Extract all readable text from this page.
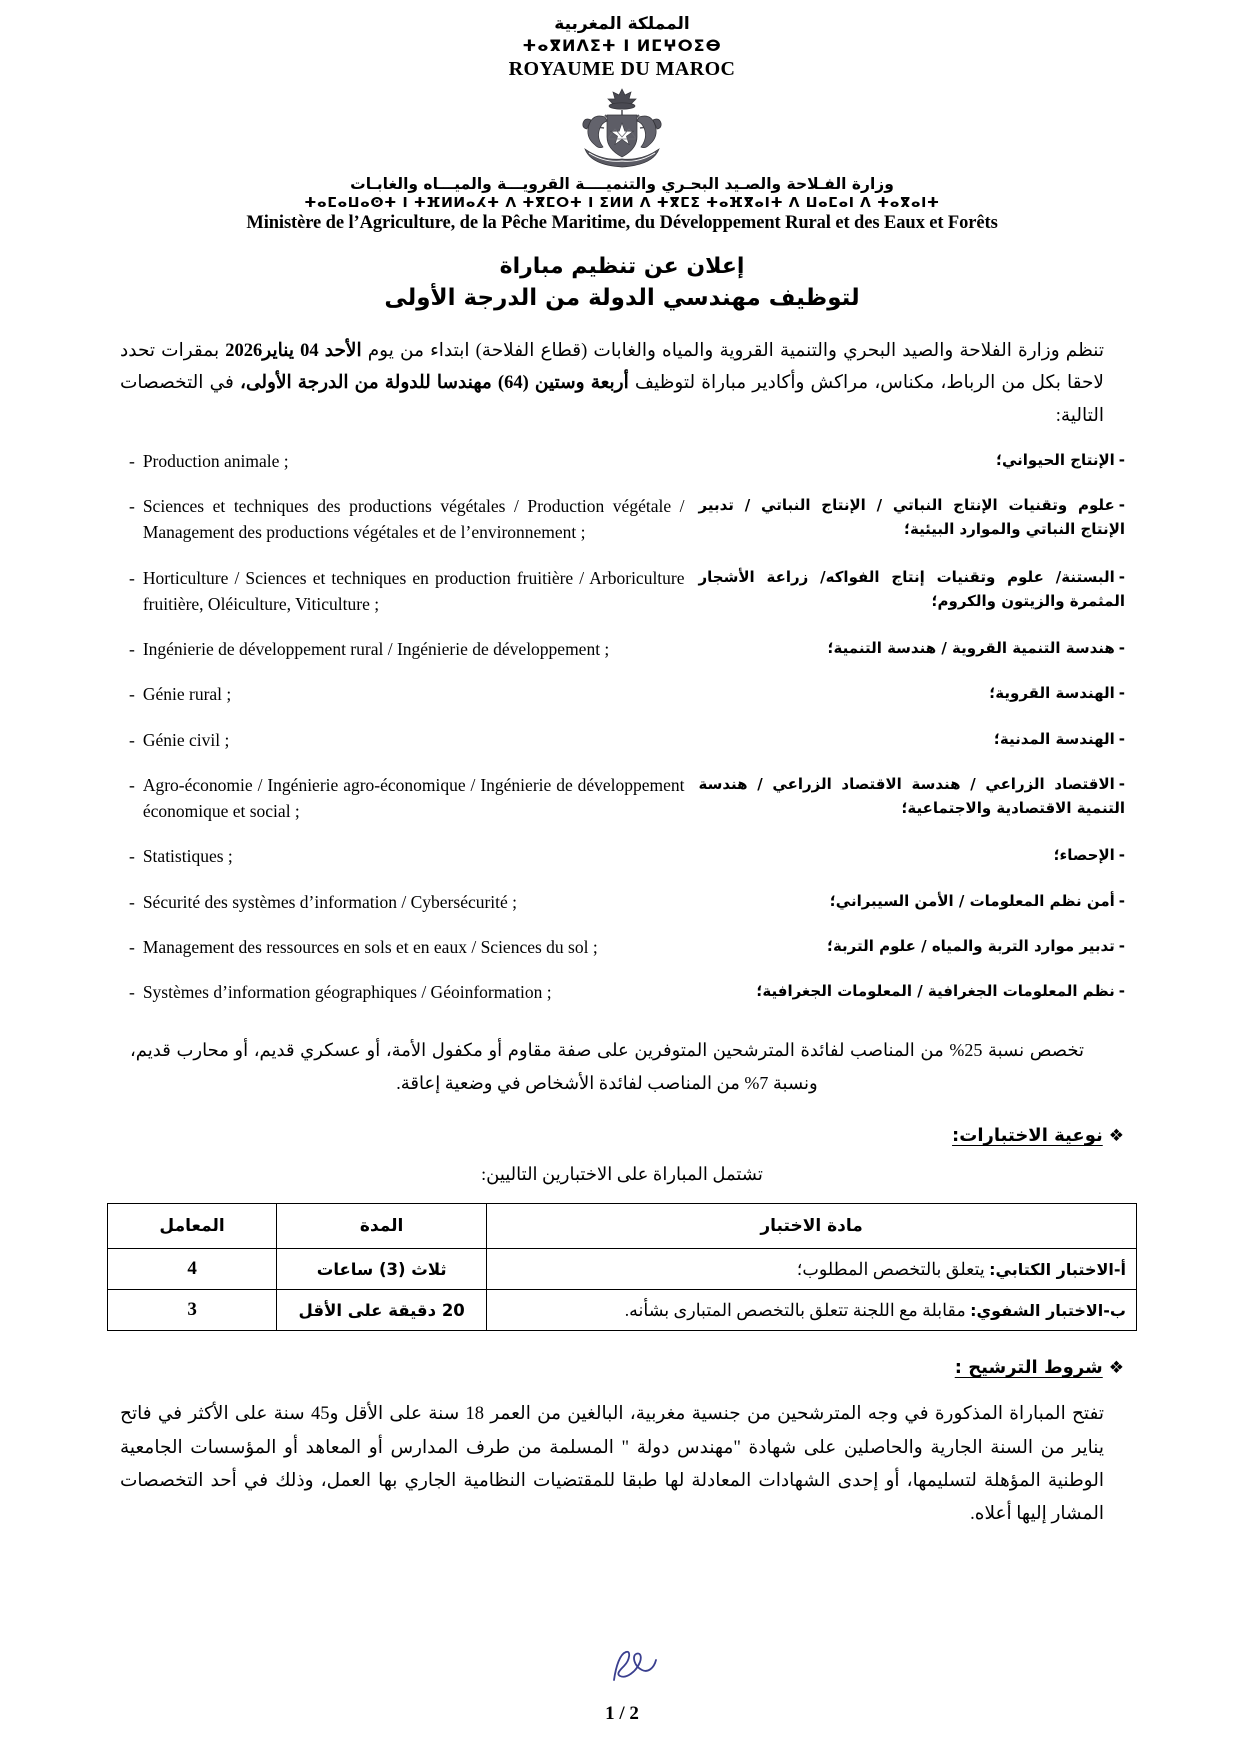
المملكة المغربية
ⵜⴰⴳⵍⴷⵉⵜ ⵏ ⵍⵎⵖⵔⵉⴱ
ROYAUME DU MAROC
وزارة الفـلاحة والصـيد البحـري والتنميــــة القرويـــة والميـــاه والغابـات
ⵜⴰⵎⴰⵡⴰⵙⵜ ⵏ ⵜⴼⵍⵍⴰⵃⵜ ⴷ ⵜⴳⵎⵔⵜ ⵏ ⵉⵍⵍ ⴷ ⵜⴳⵎⵉ ⵜⴰⴼⴳⴰⵏⵜ ⴷ ⵡⴰⵎⴰⵏ ⴷ ⵜⴰⴳⴰⵏⵜ
Ministère de l’Agriculture, de la Pêche Maritime, du Développement Rural et des Eaux et Forêts
إعلان عن تنظيم مباراة
لتوظيف مهندسي الدولة من الدرجة الأولى
تنظم وزارة الفلاحة والصيد البحري والتنمية القروية والمياه والغابات (قطاع الفلاحة) ابتداء من يوم الأحد 04 يناير2026 بمقرات تحدد لاحقا بكل من الرباط، مكناس، مراكش وأكادير مباراة لتوظيف أربعة وستين (64) مهندسا للدولة من الدرجة الأولى، في التخصصات التالية:
- Production animale ;	-الإنتاج الحيواني؛

- Sciences et techniques des productions végétales / Production végétale / Management des productions végétales et de l’environnement ;	-علوم وتقنيات الإنتاج النباتي / الإنتاج النباتي / تدبير الإنتاج النباتي والموارد البيئية؛

- Horticulture / Sciences et techniques en production fruitière / Arboriculture fruitière, Oléiculture, Viticulture ;	-البستنة/ علوم وتقنيات إنتاج الفواكه/ زراعة الأشجار المثمرة والزيتون والكروم؛

- Ingénierie de développement rural / Ingénierie de développement ;	-هندسة التنمية القروية / هندسة التنمية؛

- Génie rural ;	-الهندسة القروية؛

- Génie civil ;	-الهندسة المدنية؛

- Agro-économie / Ingénierie agro-économique / Ingénierie de développement économique et social ;	-الاقتصاد الزراعي / هندسة الاقتصاد الزراعي / هندسة التنمية الاقتصادية والاجتماعية؛

- Statistiques ;	-الإحصاء؛

- Sécurité des systèmes d’information / Cybersécurité ;	-أمن نظم المعلومات / الأمن السيبراني؛

- Management des ressources en sols et en eaux / Sciences du sol ;	-تدبير موارد التربة والمياه / علوم التربة؛

- Systèmes d’information géographiques / Géoinformation ;	-نظم المعلومات الجغرافية / المعلومات الجغرافية؛
تخصص نسبة 25% من المناصب لفائدة المترشحين المتوفرين على صفة مقاوم أو مكفول الأمة، أو عسكري قديم، أو محارب قديم، ونسبة 7% من المناصب لفائدة الأشخاص في وضعية إعاقة.
❖نوعية الاختبارات:
تشتمل المباراة على الاختبارين التاليين:
مادة الاختبار	المدة	المعامل
أ-الاختبار الكتابي: يتعلق بالتخصص المطلوب؛	ثلاث (3) ساعات	4
ب-الاختبار الشفوي: مقابلة مع اللجنة تتعلق بالتخصص المتبارى بشأنه.	20 دقيقة على الأقل	3
❖شروط الترشيح :
تفتح المباراة المذكورة في وجه المترشحين من جنسية مغربية، البالغين من العمر 18 سنة على الأقل و45 سنة على الأكثر في فاتح يناير من السنة الجارية والحاصلين على شهادة "مهندس دولة " المسلمة من طرف المدارس أو المعاهد أو المؤسسات الجامعية الوطنية المؤهلة لتسليمها، أو إحدى الشهادات المعادلة لها طبقا للمقتضيات النظامية الجاري بها العمل، وذلك في أحد التخصصات المشار إليها أعلاه.
1 / 2
